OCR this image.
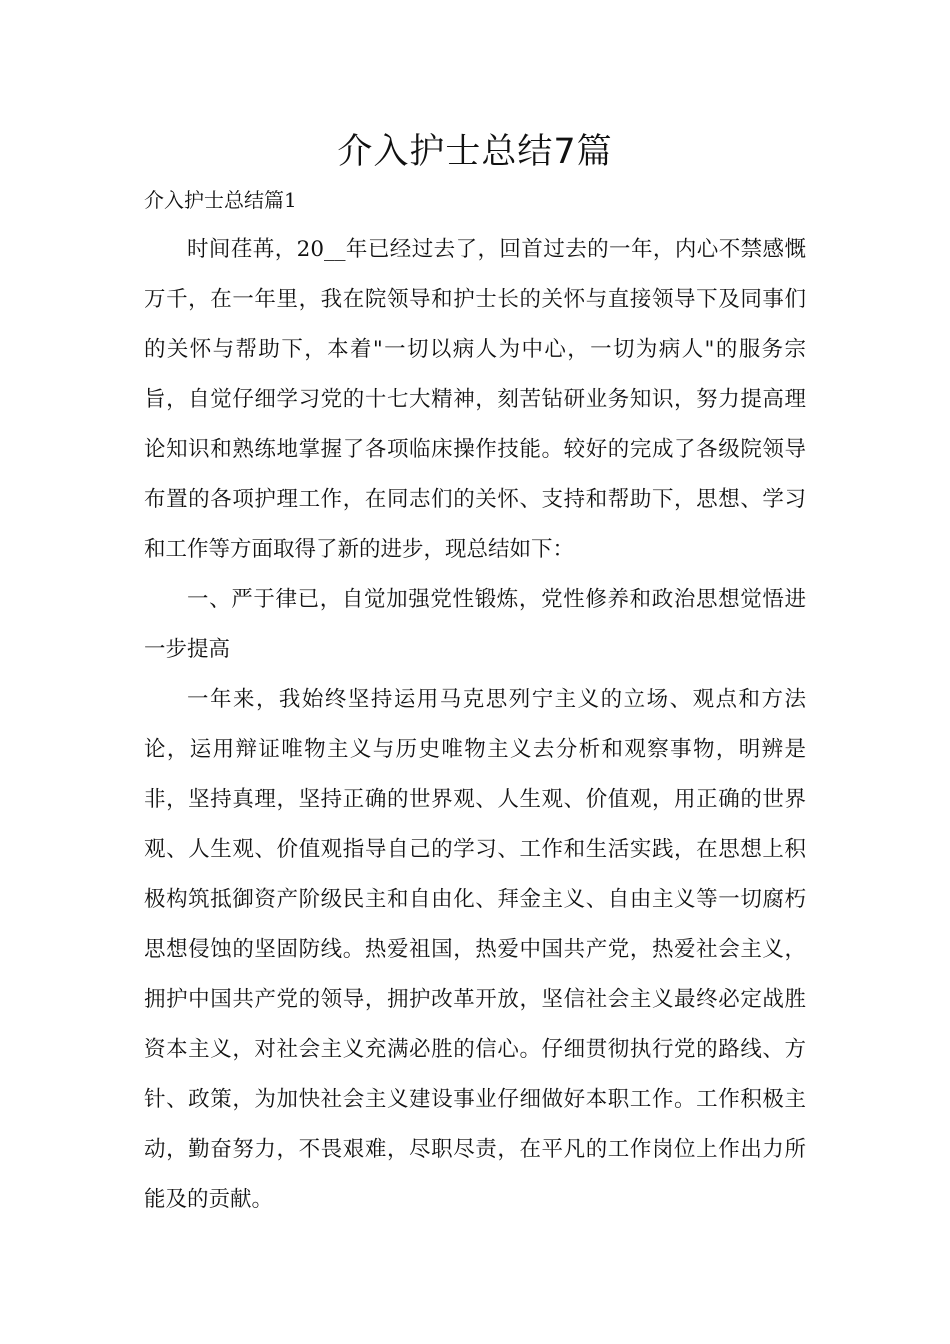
介入护士总结7篇

介入护士总结篇1

时间荏苒，20__年已经过去了，回首过去的一年，内心不禁感慨万千，在一年里，我在院领导和护士长的关怀与直接领导下及同事们的关怀与帮助下，本着"一切以病人为中心，一切为病人"的服务宗旨，自觉仔细学习党的十七大精神，刻苦钻研业务知识，努力提高理论知识和熟练地掌握了各项临床操作技能。较好的完成了各级院领导布置的各项护理工作，在同志们的关怀、支持和帮助下，思想、学习和工作等方面取得了新的进步，现总结如下：

一、严于律已，自觉加强党性锻炼，党性修养和政治思想觉悟进一步提高

一年来，我始终坚持运用马克思列宁主义的立场、观点和方法论，运用辩证唯物主义与历史唯物主义去分析和观察事物，明辨是非，坚持真理，坚持正确的世界观、人生观、价值观，用正确的世界观、人生观、价值观指导自己的学习、工作和生活实践，在思想上积极构筑抵御资产阶级民主和自由化、拜金主义、自由主义等一切腐朽思想侵蚀的坚固防线。热爱祖国，热爱中国共产党，热爱社会主义，拥护中国共产党的领导，拥护改革开放，坚信社会主义最终必定战胜资本主义，对社会主义充满必胜的信心。仔细贯彻执行党的路线、方针、政策，为加快社会主义建设事业仔细做好本职工作。工作积极主动，勤奋努力，不畏艰难，尽职尽责，在平凡的工作岗位上作出力所能及的贡献。
